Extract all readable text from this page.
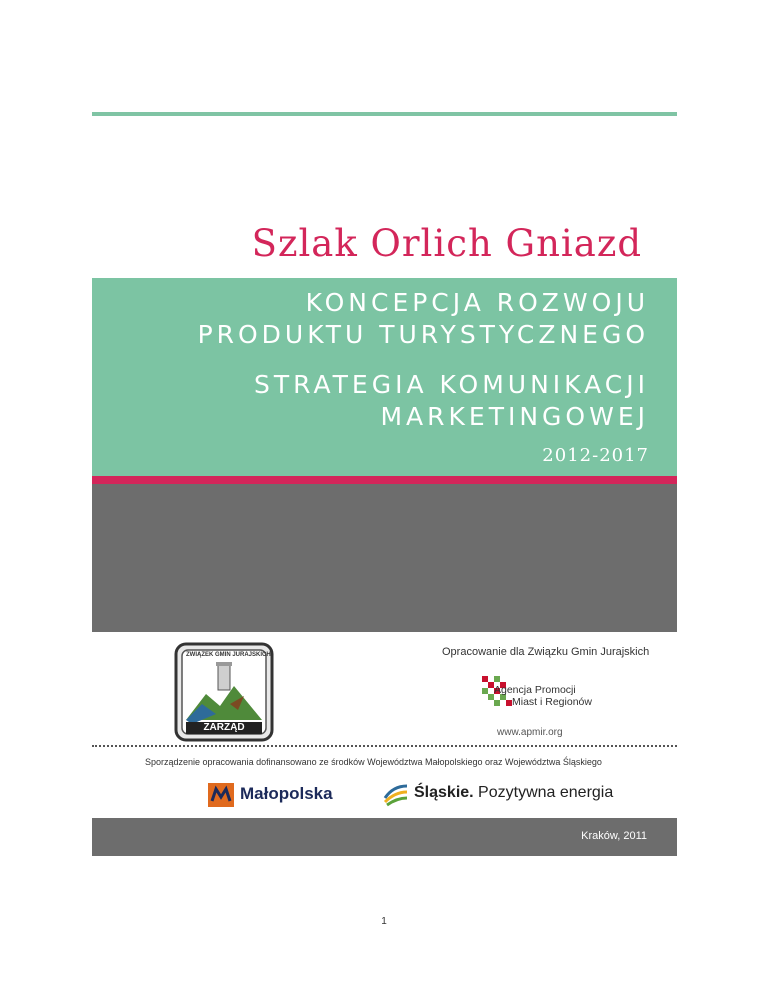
Szlak Orlich Gniazd
KONCEPCJA ROZWOJU
PRODUKTU TURYSTYCZNEGO
STRATEGIA KOMUNIKACJI
MARKETINGOWEJ
2012-2017
ZWIĄZEK GMIN JURAJSKICH
ZARZĄD
Opracowanie dla Związku Gmin Jurajskich
Agencja Promocji
Miast i Regionów
www.apmir.org
Sporządzenie opracowania dofinansowano ze środków Województwa Małopolskiego oraz Województwa Śląskiego
Małopolska	Śląskie. Pozytywna energia
Kraków, 2011
1
